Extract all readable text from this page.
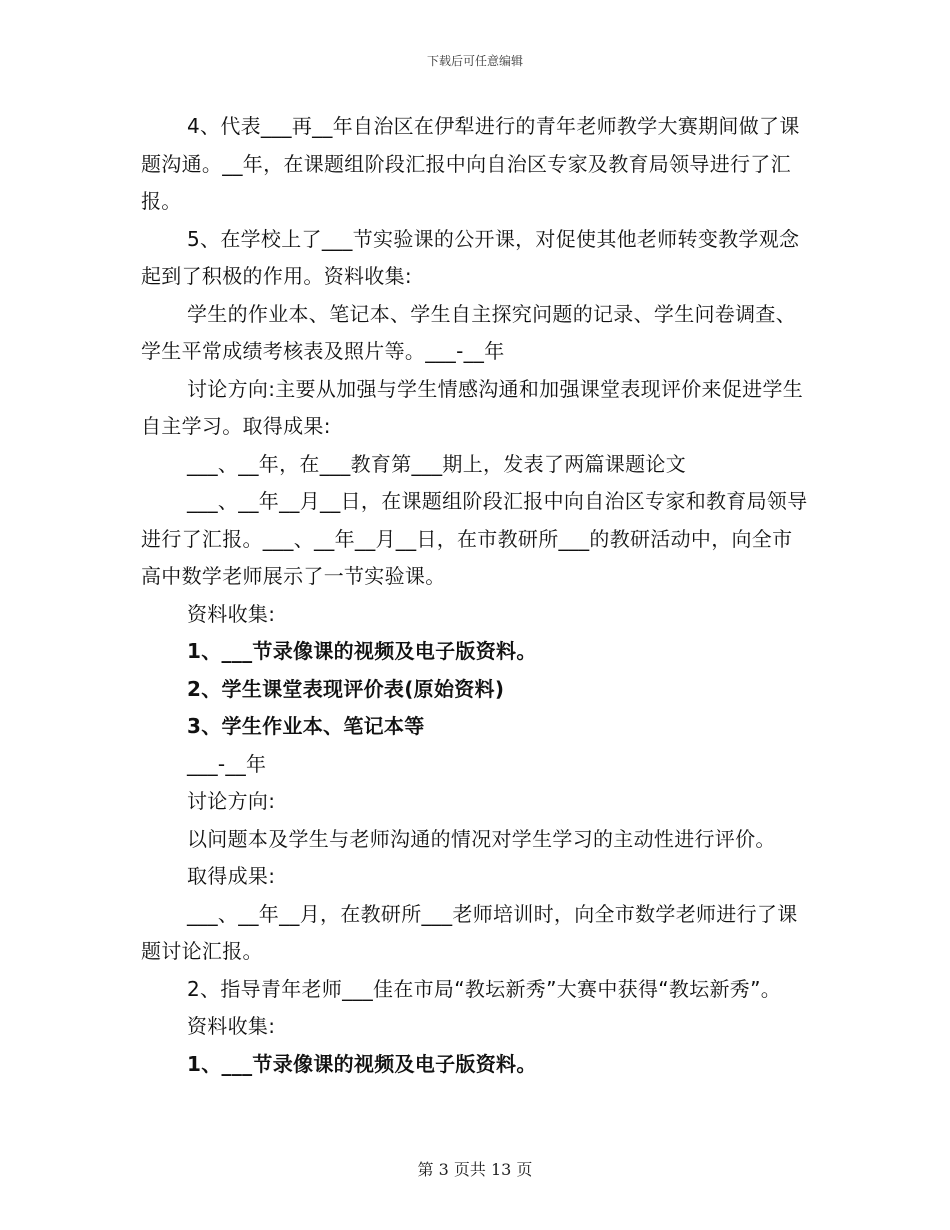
下载后可任意编辑

4、代表___再__年自治区在伊犁进行的青年老师教学大赛期间做了课题沟通。__年，在课题组阶段汇报中向自治区专家及教育局领导进行了汇报。

5、在学校上了___节实验课的公开课，对促使其他老师转变教学观念起到了积极的作用。资料收集:

学生的作业本、笔记本、学生自主探究问题的记录、学生问卷调查、学生平常成绩考核表及照片等。___-__年

讨论方向:主要从加强与学生情感沟通和加强课堂表现评价来促进学生自主学习。取得成果:

___、__年，在___教育第___期上，发表了两篇课题论文

___、__年__月__日，在课题组阶段汇报中向自治区专家和教育局领导进行了汇报。___、__年__月__日，在市教研所___的教研活动中，向全市高中数学老师展示了一节实验课。

资料收集:

1、___节录像课的视频及电子版资料。

2、学生课堂表现评价表(原始资料)

3、学生作业本、笔记本等

___-__年

讨论方向:

以问题本及学生与老师沟通的情况对学生学习的主动性进行评价。

取得成果:

___、__年__月，在教研所___老师培训时，向全市数学老师进行了课题讨论汇报。

2、指导青年老师___佳在市局“教坛新秀”大赛中获得“教坛新秀”。

资料收集:

1、___节录像课的视频及电子版资料。

第 3 页共 13 页
